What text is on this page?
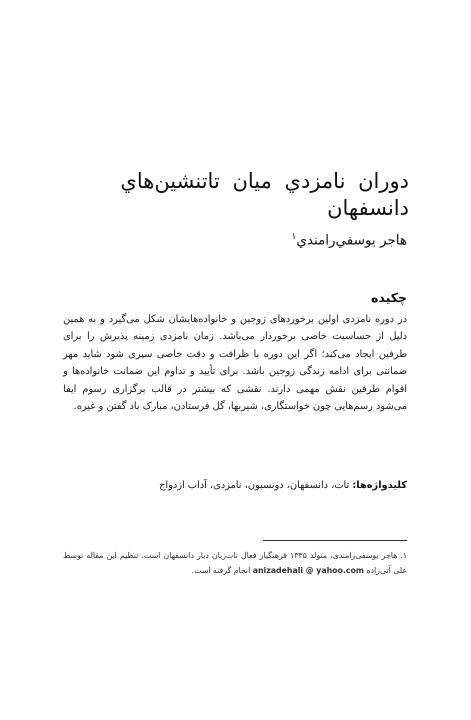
دوران نامزدي ميان تاتنشين‌هاي دانسفهان
هاجر يوسفي‌رامندي$^۱$
چکیده

در دوره نامزدی اولین برخوردهای زوجین و خانواده‌هایشان شکل می‌گیرد و به همین دلیل از حساسیت خاصی برخوردار می‌باشد. زمان نامزدی زمینه پذیرش را برای طرفین ایجاد می‌کند؛ اگر این دوره با ظرافت و دقت خاصی سپری شود شاید مهر ضمانتی برای ادامه زندگی زوجین باشد. برای تأیید و تداوم این ضمانت خانواده‌ها و اقوام طرفین نقش مهمی دارند. نقشی که بیشتر در قالب برگزاری رسوم ایفا می‌شود رسم‌هایی چون خواستگاری، شیربها، گل فرستادن، مبارک باد گفتن و غیره.

کلیدواژه‌ها: تات، دانسفهان، دونسبون، نامزدی، آداب ازدواج

۱. هاجر یوسفی‌رامندی، متولد ۱۳۳۵ فرهنگیار فعال تات‌زبان دیار دانسفهان است. تنظیم این مقاله توسط علی آتی‌زاده anizadehali @ yahoo.com انجام گرفته است.
